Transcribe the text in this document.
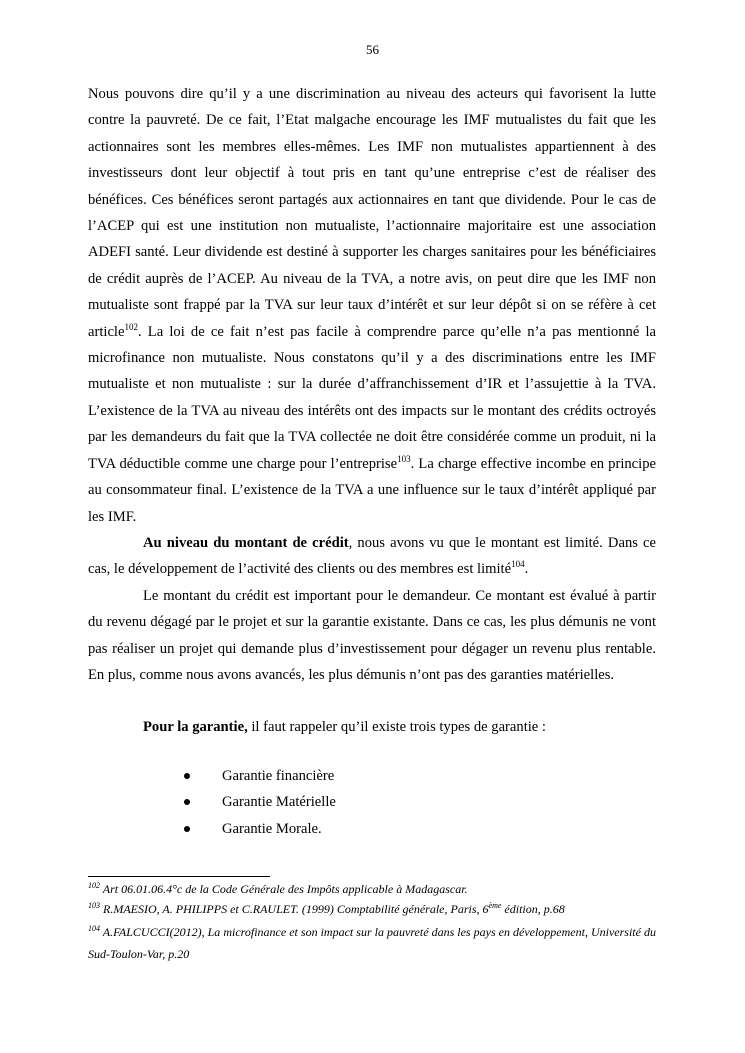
56

Nous pouvons dire qu’il y a une discrimination au niveau des acteurs qui favorisent la lutte contre la pauvreté. De ce fait, l’Etat malgache encourage les IMF mutualistes du fait que les actionnaires sont les membres elles-mêmes. Les IMF non mutualistes appartiennent à des investisseurs dont leur objectif à tout pris en tant qu’une entreprise c’est de réaliser des bénéfices. Ces bénéfices seront partagés aux actionnaires en tant que dividende. Pour le cas de l’ACEP qui est une institution non mutualiste, l’actionnaire majoritaire est une association ADEFI santé. Leur dividende est destiné à supporter les charges sanitaires pour les bénéficiaires de crédit auprès de l’ACEP. Au niveau de la TVA, a notre avis, on peut dire que les IMF non mutualiste sont frappé par la TVA sur leur taux d’intérêt et sur leur dépôt si on se réfère à cet article$^{102}$. La loi de ce fait n’est pas facile à comprendre parce qu’elle n’a pas mentionné la microfinance non mutualiste. Nous constatons qu’il y a des discriminations entre les IMF mutualiste et non mutualiste : sur la durée d’affranchissement d’IR et l’assujettie à la TVA. L’existence de la TVA au niveau des intérêts ont des impacts sur le montant des crédits octroyés par les demandeurs du fait que la TVA collectée ne doit être considérée comme un produit, ni la TVA déductible comme une charge pour l’entreprise$^{103}$. La charge effective incombe en principe au consommateur final. L’existence de la TVA a une influence sur le taux d’intérêt appliqué par les IMF.

Au niveau du montant de crédit, nous avons vu que le montant est limité. Dans ce cas, le développement de l’activité des clients ou des membres est limité$^{104}$.

Le montant du crédit est important pour le demandeur. Ce montant est évalué à partir du revenu dégagé par le projet et sur la garantie existante. Dans ce cas, les plus démunis ne vont pas réaliser un projet qui demande plus d’investissement pour dégager un revenu plus rentable. En plus, comme nous avons avancés, les plus démunis n’ont pas des garanties matérielles.

Pour la garantie, il faut rappeler qu’il existe trois types de garantie :

Garantie financière
Garantie Matérielle
Garantie Morale.

$^{102}$ Art 06.01.06.4°c de la Code Générale des Impôts applicable à Madagascar.

$^{103}$ R.MAESIO, A. PHILIPPS et C.RAULET. (1999) Comptabilité générale, Paris, 6ème édition, p.68

$^{104}$ A.FALCUCCI(2012), La microfinance et son impact sur la pauvreté dans les pays en développement, Université du Sud-Toulon-Var, p.20
